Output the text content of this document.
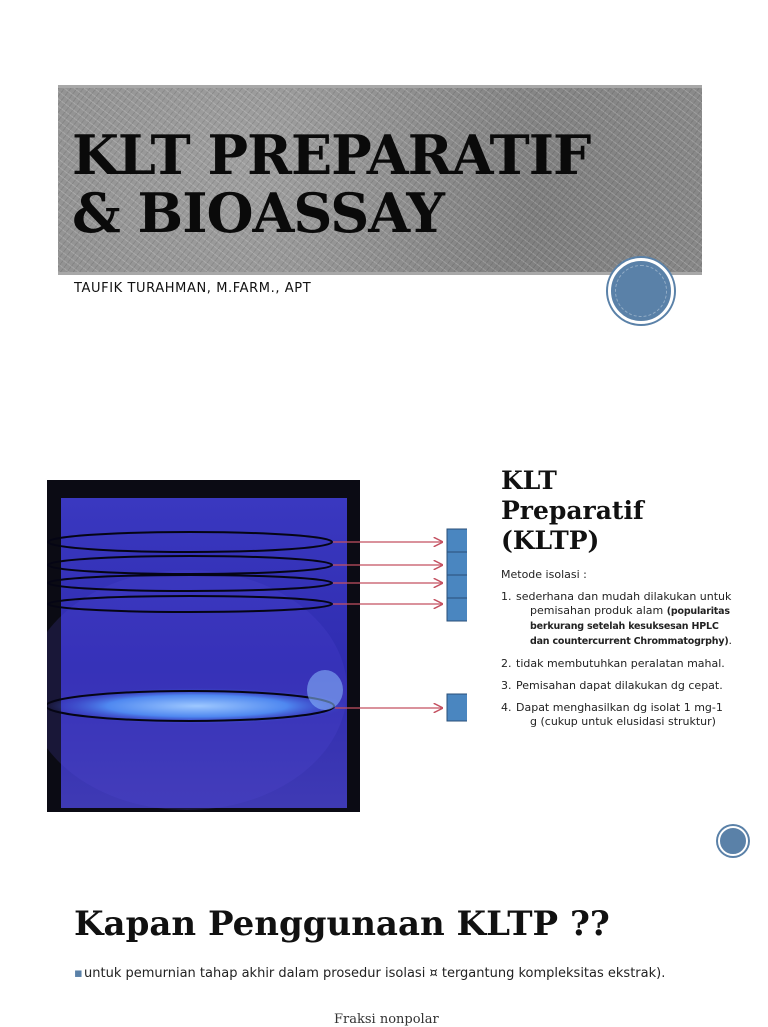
KLT PREPARATIF
& BIOASSAY
TAUFIK TURAHMAN, M.FARM., APT
KLT
Preparatif
(KLTP)
Metode isolasi :
1. sederhana dan mudah dilakukan untuk pemisahan produk alam (popularitas berkurang setelah kesuksesan HPLC dan countercurrent Chrommatogrphy).
2. tidak membutuhkan peralatan mahal.
3. Pemisahan dapat dilakukan dg cepat.
4. Dapat menghasilkan dg isolat 1 mg-1 g (cukup untuk elusidasi struktur)
Kapan Penggunaan KLTP ??
▪ untuk pemurnian tahap akhir dalam prosedur isolasi ¤ tergantung kompleksitas ekstrak).
Fraksi nonpolar
